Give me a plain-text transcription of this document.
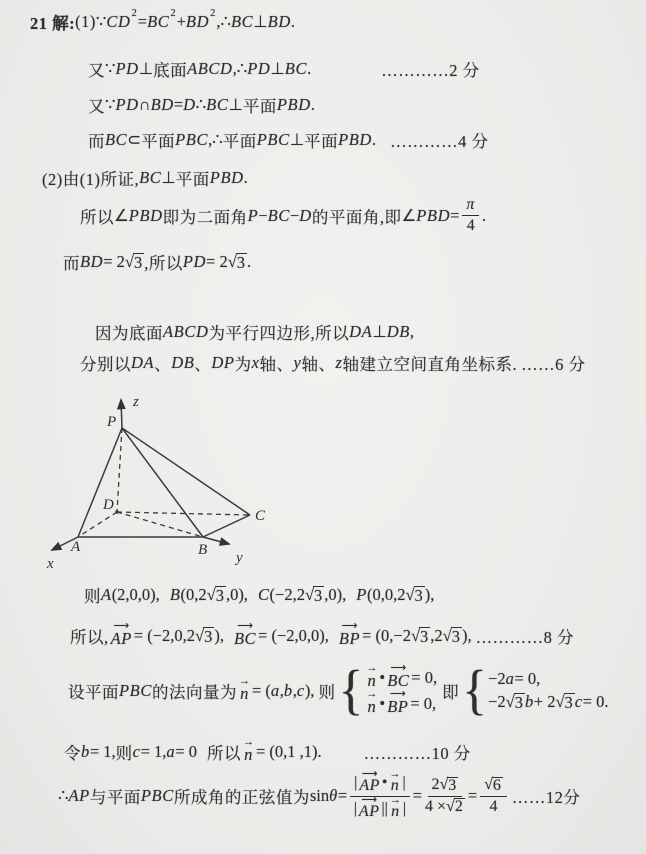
21 解: (1) ∵ CD 2 = BC 2 + BD 2 , ∴ BC ⊥ BD .
又 ∵ PD ⊥ 底面 ABCD ,∴ PD ⊥ BC .	…………2 分
又 ∵ PD ∩ BD = D ∴ BC ⊥ 平面 PBD .
而 BC ⊂ 平面 PBC ,∴ 平面 PBC ⊥ 平面 PBD . …………4 分
(2)由(1)所证, BC ⊥ 平面 PBD .
所以 ∠ PBD 即为二面角 P − BC − D 的平面角,即 ∠ PBD = $\frac{\pi}{4}$ .
而 BD = 2 √ 3 ,所以 PD = 2 √ 3 .
因为底面 ABCD 为平行四边形,所以 DA ⊥ DB ,
分别以 DA 、 DB 、 DP 为 x 轴、 y 轴、 z 轴建立空间直角坐标系. ……6 分
z
P
D
A
x
B y
C
则 A (2,0,0), B (0,2 √ 3 ,0), C (−2,2 √ 3 ,0), P (0,0,2 √ 3 ),
所以,
⟶
AP = (−2,0,2 √ 3 ), ⟶
BC = (−2,0,0), ⟶
BP = (0,−2 √ 3 ,2 √ 3 ), …………8 分
设平面 PBC 的法向量为
→
n = ( a , b , c ), 则 { →
n • ⟶
BC = 0,
→
n • ⟶
BP = 0,
即 { −2 a = 0,
−2 √ 3 b + 2 √ 3 c = 0.
令 b = 1, 则 c = 1, a = 0 所以
→
n = (0,1 ,1).	…………10 分
∴ AP 与平面 PBC 所成角的正弦值为 sin θ = |
⟶
AP •
→
n |
|
⟶
AP ||
→
n | = $\frac{2 √ 3}{4 \times √ 2} = \frac{√ 6}{4}$ ……12分
